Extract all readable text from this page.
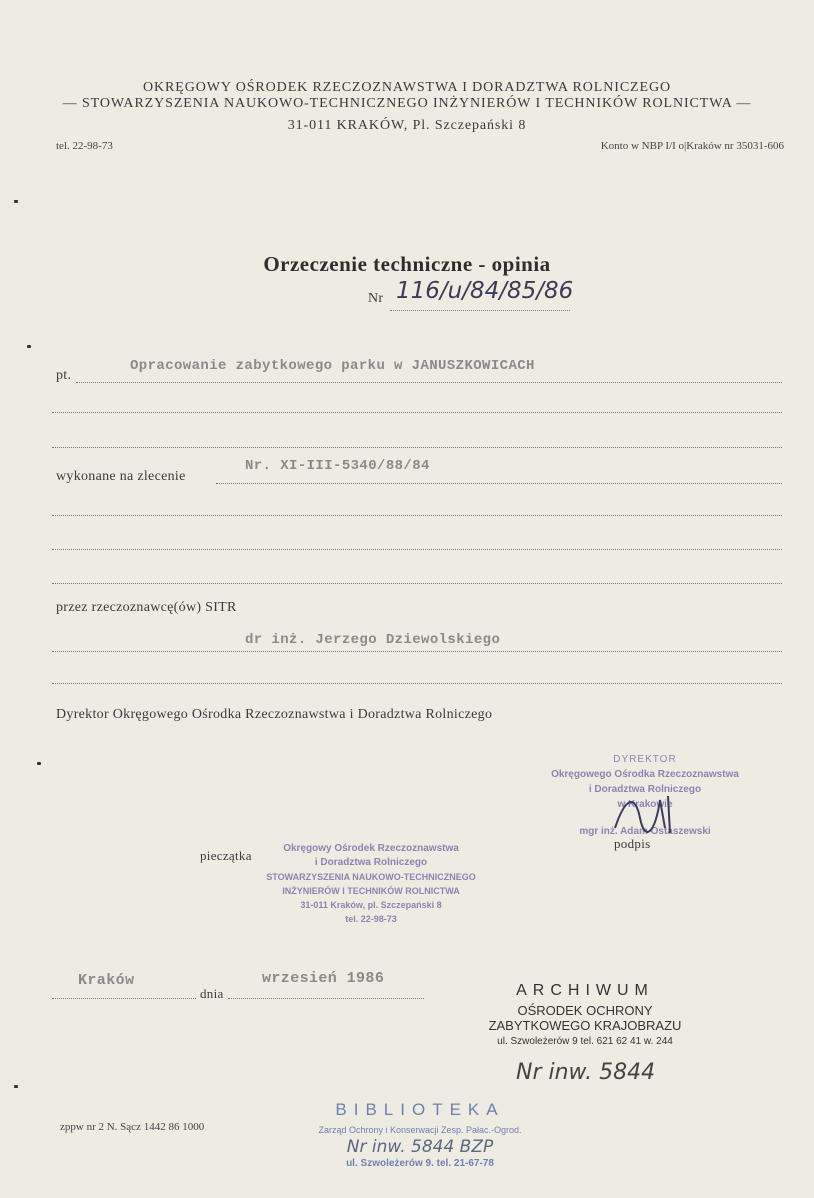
OKRĘGOWY OŚRODEK RZECZOZNAWSTWA I DORADZTWA ROLNICZEGO
— STOWARZYSZENIA NAUKOWO-TECHNICZNEGO INŻYNIERÓW I TECHNIKÓW ROLNICTWA —
31-011 KRAKÓW, Pl. Szczepański 8
tel. 22-98-73	Konto w NBP I/I o|Kraków nr 35031-606
Orzeczenie techniczne - opinia
Nr 116/u/84/85/86
pt.
Opracowanie zabytkowego parku w JANUSZKOWICACH
wykonane na zlecenie
Nr. XI-III-5340/88/84
przez rzeczoznawcę(ów) SITR
dr inż. Jerzego Dziewolskiego
Dyrektor Okręgowego Ośrodka Rzeczoznawstwa i Doradztwa Rolniczego
DYREKTOR
Okręgowego Ośrodka Rzeczoznawstwa
i Doradztwa Rolniczego
w Krakowie
mgr inż. Adam Ostaszewski
podpis
pieczątka	Okręgowy Ośrodek Rzeczoznawstwa
i Doradztwa Rolniczego
STOWARZYSZENIA NAUKOWO-TECHNICZNEGO
INŻYNIERÓW I TECHNIKÓW ROLNICTWA
31-011 Kraków, pl. Szczepański 8
tel. 22-98-73
Kraków
dnia
wrzesień 1986
ARCHIWUM
OŚRODEK OCHRONY
ZABYTKOWEGO KRAJOBRAZU
ul. Szwoleżerów 9 tel. 621 62 41 w. 244
Nr inw. 5844
BIBLIOTEKA
Zarząd Ochrony i Konserwacji Zesp. Pałac.-Ogrod.
Nr inw. 5844 BZP
ul. Szwoleżerów 9. tel. 21-67-78
zppw nr 2 N. Sącz 1442 86 1000
